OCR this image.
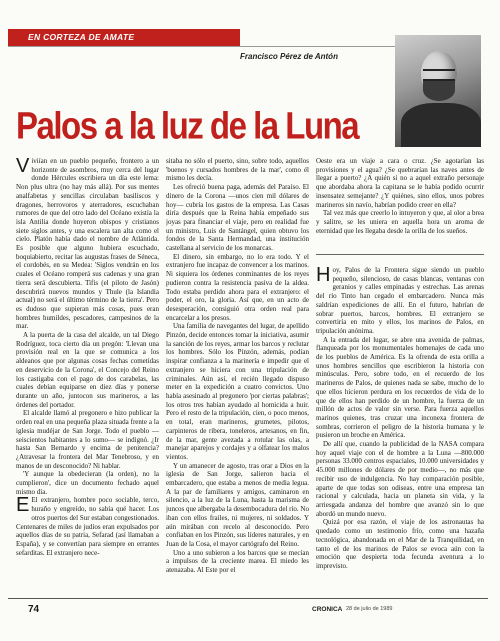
EN CORTEZA DE AMATE
Francisco Pérez de Antón
Palos a la luz de la Luna

Viviían en un pueblo pequeño, frontero a un horizonte de asombros, muy cerca del lugar donde Hércules escribiera un día este lema: Non plus ultra (no hay más allá). Por sus mentes analfabetas y sencillas circulaban basiliscos y dragones, herrovoros y aterradores, escuchaban rumores de que del otro lado del Océano existía la isla Antilia donde huyeron obispos y cristianos siete siglos antes, y una escalera tan alta como el cielo. Platón había dado el nombre de Atlántida. Es posible que alguno hubiera escuchado, boquiabierto, recitar las augustas frases de Séneca, el cordobés, en su Medea: 'Siglos vendrán en los cuales el Océano romperá sus cadenas y una gran tierra será descubierta. Tifis (el piloto de Jasón) descubrirá nuevos mundos y Thule (la Islandia actual) no será el último término de la tierra'. Pero es dudoso que supieran más cosas, pues eran hombres humildes, pescadores, campesinos de la mar.

A la puerta de la casa del alcalde, un tal Diego Rodríguez, toca cierto día un pregón: 'Llevan una provisión real en la que se comunica a los aldeanos que por algunas cosas fechas cometidas en deservicio de la Corona', el Concejo del Reino los castigaba con el pago de dos carabelas, las cuales debían equiparse en diez días y ponerse durante un año, juntocon sus marineros, a las órdenes del portador.

El alcalde llamó al pregonero e hizo publicar la orden real en una pequeña plaza situada frente a la iglesia mudéjar de San Jorge. Todo el pueblo —seiscientos habitantes a lo sumo— se indignó. ¿Ir hasta San Bernardo y encima de penitencia? ¿Atravesar la frontera del Mar Tenebroso, y en manos de un desconocido? Ni hablar.

'Y aunque la obedecieran (la orden), no la cumplieron', dice un documento fechado aquel mismo día.

E El extranjero, hombre poco sociable, terco, huraño y engreído, no sabía qué hacer. Los otros puertos del Sur estaban congestionados. Centenares de miles de judíos eran expulsados por aquellos días de su patria, Sefarad (así llamaban a España), y se convertían para siempre en errantes sefarditas. El extranjero nece-

sitaba no sólo el puerto, sino, sobre todo, aquellos 'buenos y cursados hombres de la mar', como él mismo les decía.

Les ofreció buena paga, además del Paraíso. El dinero de la Corona —unos cien mil dólares de hoy— cubría los gastos de la empresa. Las Casas diría después que la Reina había empeñado sus joyas para financiar el viaje, pero en realidad fue un ministro, Luis de Santángel, quien obtuvo los fondos de la Santa Hermandad, una institución castellana al servicio de los monarcas.

El dinero, sin embargo, no lo era todo. Y el extranjero fue incapaz de convencer a los marinos. Ni siquiera los órdenes conminantes de los reyes pudieron contra la resistencia pasiva de la aldea. Todo estaba perdido ahora para el extranjero: el poder, el oro, la gloria. Así que, en un acto de desesperación, consiguió otra orden real para encarcelar a los presos.

Una familia de navegantes del lugar, de apellido Pinzón, decide entonces tomar la iniciativa, asumir la sanción de los reyes, armar los barcos y reclutar los hombres. Sólo los Pinzón, además, podían inspirar confianza a la marinería e impedir que el extranjero se hiciera con una tripulación de criminales. Aún así, el recién llegado dispuso meter en la expedición a cuatro convictos. Uno había asesinado al pregonero 'por ciertas palabras'; los otros tres habían ayudado al homicida a huir. Pero el resto de la tripulación, cien, o poco menos, en total, eran marineros, grumetes, pilotos, carpinteros de ribera, toneleros, artesanos, en fin, de la mar, gente avezada a rotular las olas, a manejar aparejos y cordajes y a olfatear los malos vientos.

Y un amanecer de agosto, tras orar a Dios en la iglesia de San Jorge, salieron hacia el embarcadero, que estaba a menos de media legua. A la par de familiares y amigos, caminaron en silencio, a la luz de la Luna, hasta la marisma de juncos que albergaba la desembocadura del río. No iban con ellos frailes, ni mujeres, ni soldados. Y aún mirában con recelo al desconocido. Pero confiaban en los Pinzón, sus líderes naturales, y en Juan de la Cosa, el mayor cartógrafo del Reino.

Uno a uno subieron a los barcos que se mecían a impulsos de la creciente marea. El miedo les atenazaba. Al Este por el

Oeste era un viaje a cara o cruz. ¿Se agotarían las provisiones y el agua? ¿Se quebrarían las naves antes de llegar a puerto? ¿A quién si no a aquel extraño personaje que abordaba ahora la capitana se le había podido ocurrir insensatez semejante? ¿Y quiénes, sino ellos, unos pobres marineros sin navío, habrían podido creer en ella?

Tal vez más que creerlo lo intuyeron y que, al olor a brea y salitre, se les uniera en aquella hora un aroma de eternidad que les llegaba desde la orilla de los sueños.

Hoy, Palos de la Frontera sigue siendo un pueblo pequeño, silencioso, de casas blancas, ventanas con geranios y calles empinadas y estrechas. Las arenas del río Tinto han cegado el embarcadero. Nunca más saldrían expediciones de allí. En el futuro, habrían de sobrar puertos, barcos, hombres. El extranjero se convertiría en mito y ellos, los marinos de Palos, en tripulación anónima.

A la entrada del lugar, se abre una avenida de palmas, flanqueada por los monumentales homenajes de cada uno de los pueblos de América. Es la ofrenda de esta orilla a unos hombres sencillos que escribieron la historia con minúsculas. Pero, sobre todo, en el recuerdo de los marineros de Palos, de quienes nada se sabe, mucho de lo que ellos hicieron perdura en los recuerdos de vida de lo que de ellos han perdido de un hombre, la fuerza de un millón de actos de valor sin verse. Para fuerza aquellos marinos quienes, tras cruzar una inconexa frontera de sombras, corrieron el peligro de la historia humana y le pusieron un broche en América.

De allí que, cuando la publicidad de la NASA compara hoy aquel viaje con el de hombre a la Luna —800.000 personas 33.000 centros espaciales, 10.000 universidades y 45.000 millones de dólares de por medio—, no más que recibir uso de indulgencia. No hay comparación posible, aparte de que todas son odiseas, entre una empresa tan racional y calculada, hacia un planeta sin vida, y la arriesgada andanza del hombre que avanzó sin lo que abordó un mundo nuevo.

Quizá por esa razón, el viaje de los astronautas ha quedado como un testimonio frío, como una hazaña tecnológica, abandonada en el Mar de la Tranquilidad, en tanto el de los marinos de Palos se evoca aún con la emoción que despierta toda fecunda aventura a lo imprevisto.

74	CRONICA 28 de julio de 1989
